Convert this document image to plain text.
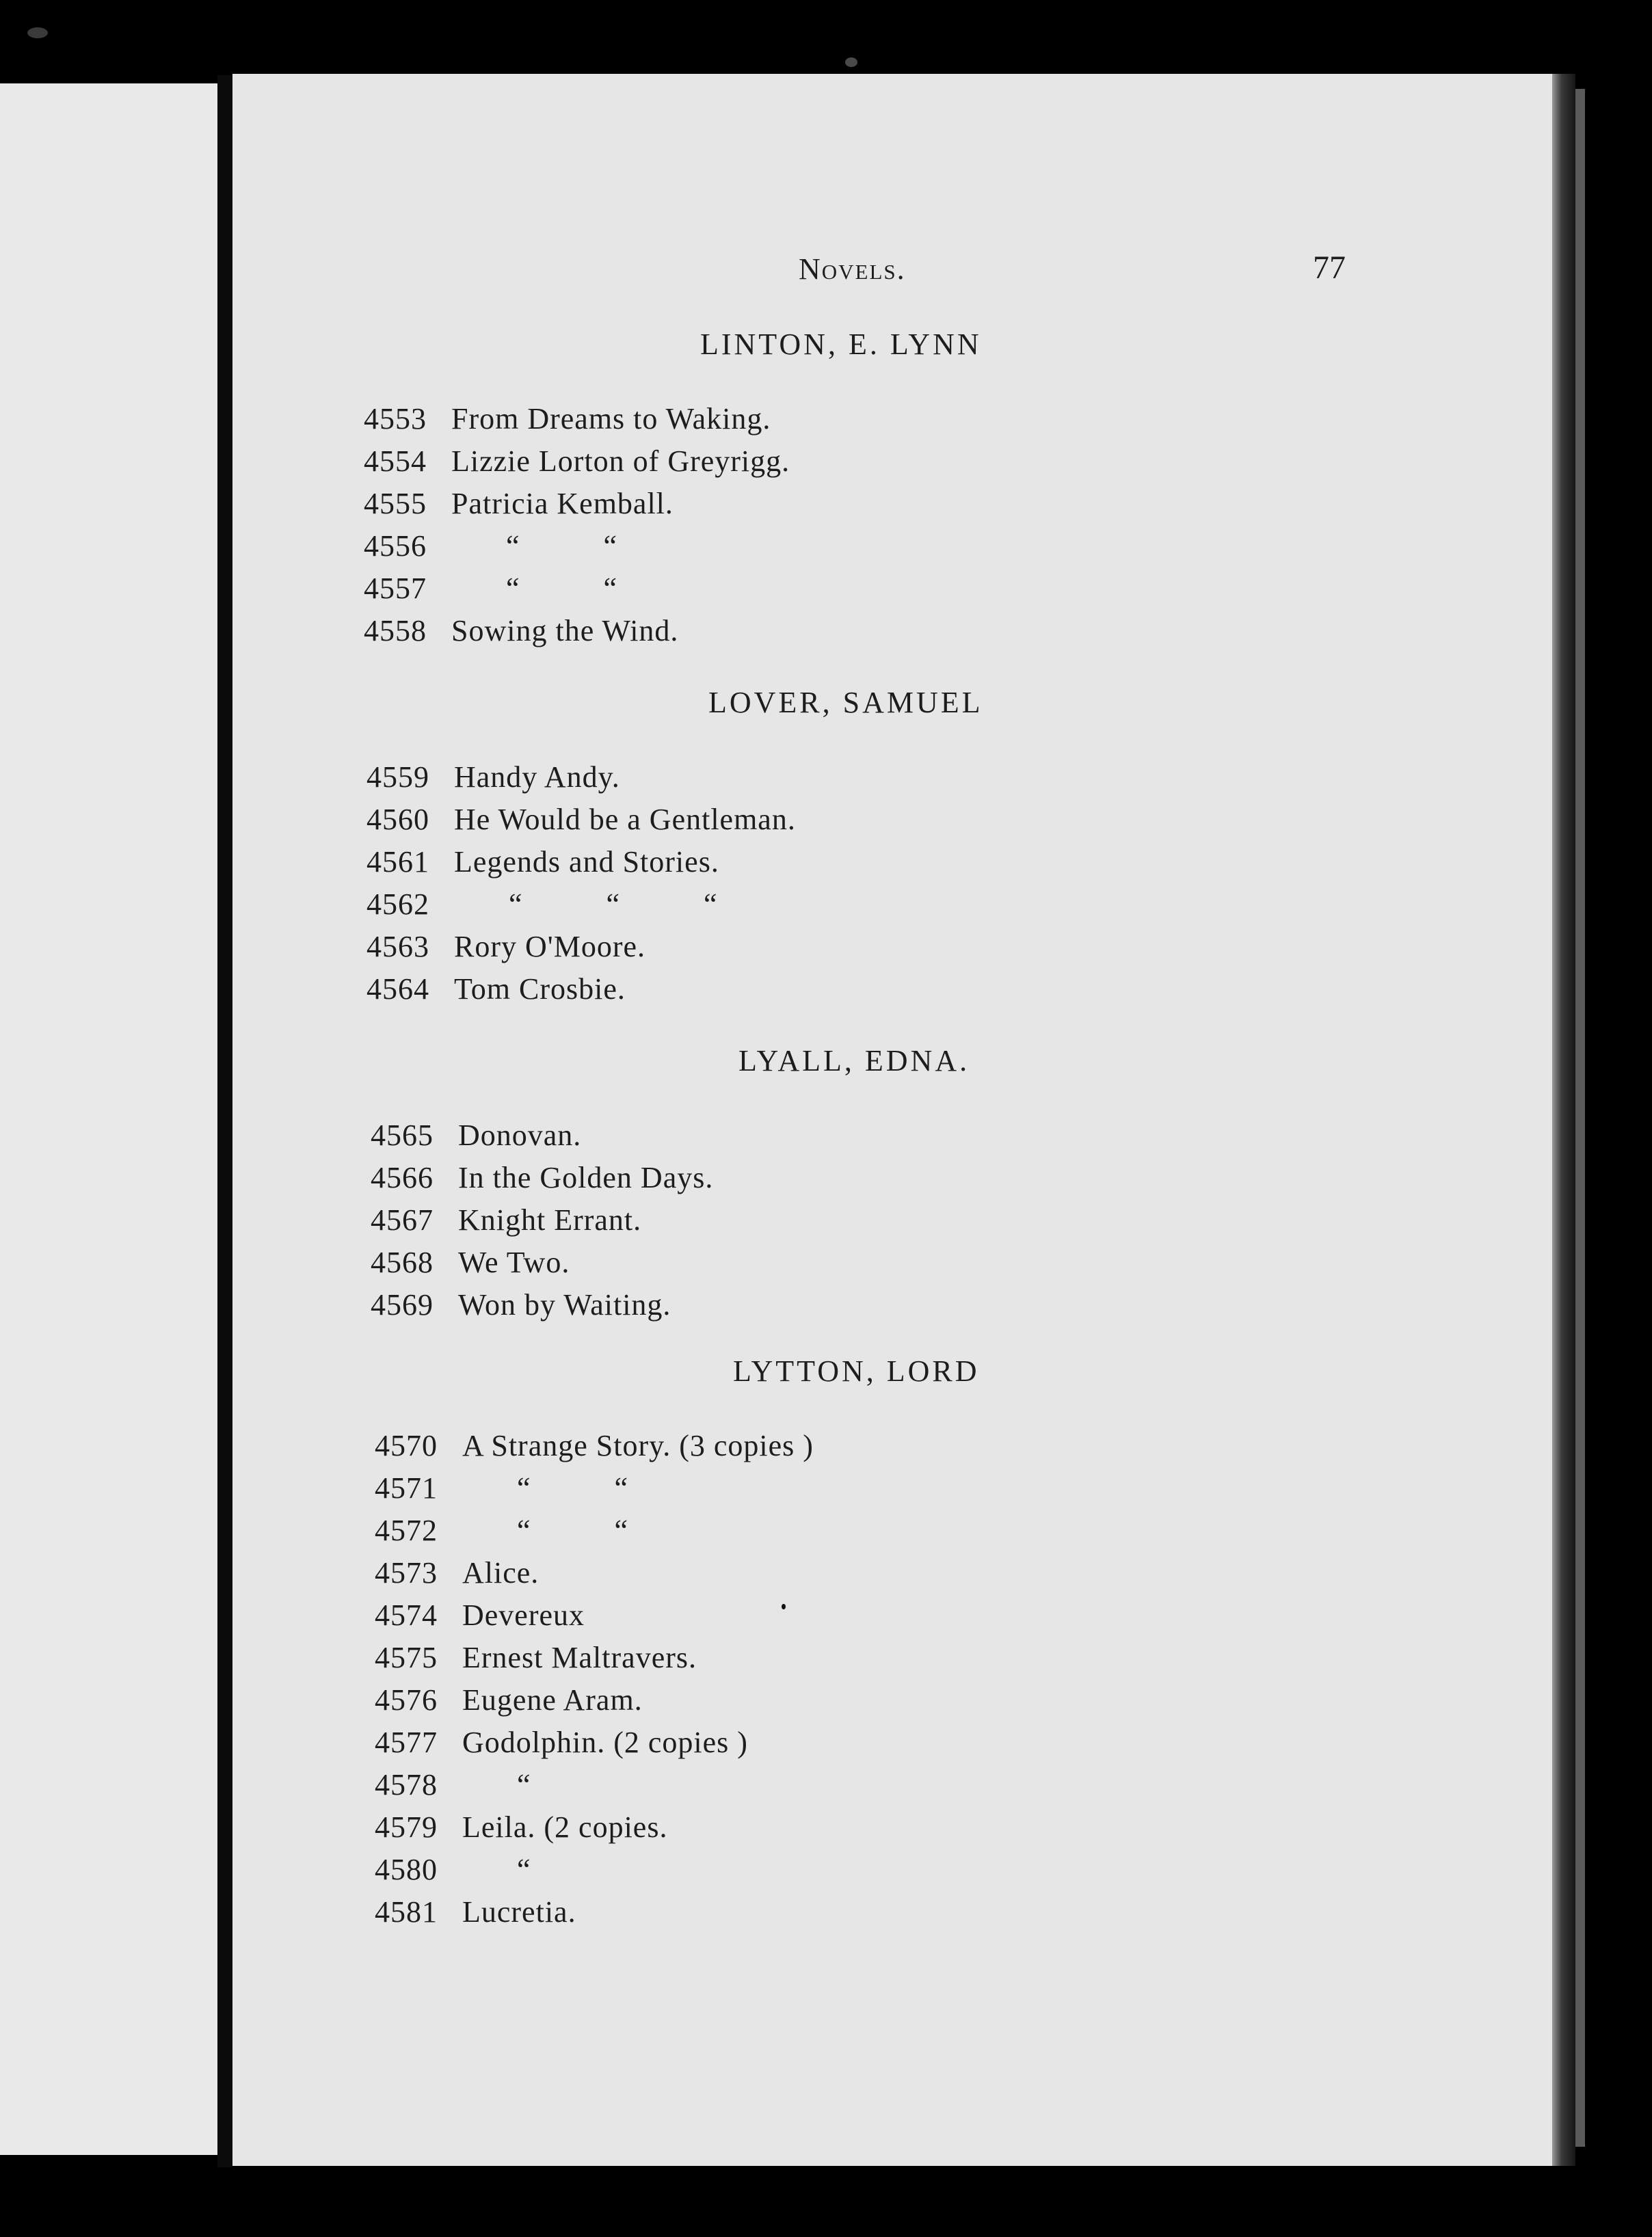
Novels.	77
LINTON, E. LYNN
4553 From Dreams to Waking.
4554 Lizzie Lorton of Greyrigg.
4555 Patricia Kemball.
4556	“ “
4557	“ “
4558 Sowing the Wind.
LOVER, SAMUEL
4559 Handy Andy.
4560 He Would be a Gentleman.
4561 Legends and Stories.
4562	“ “ “
4563 Rory O'Moore.
4564 Tom Crosbie.
LYALL, EDNA.
4565 Donovan.
4566 In the Golden Days.
4567 Knight Errant.
4568 We Two.
4569 Won by Waiting.
LYTTON, LORD
4570 A Strange Story. (3 copies )
4571	“ “
4572	“ “
4573 Alice.
4574 Devereux
4575 Ernest Maltravers.
4576 Eugene Aram.
4577 Godolphin. (2 copies )
4578	“
4579 Leila. (2 copies.
4580	“
4581 Lucretia.
